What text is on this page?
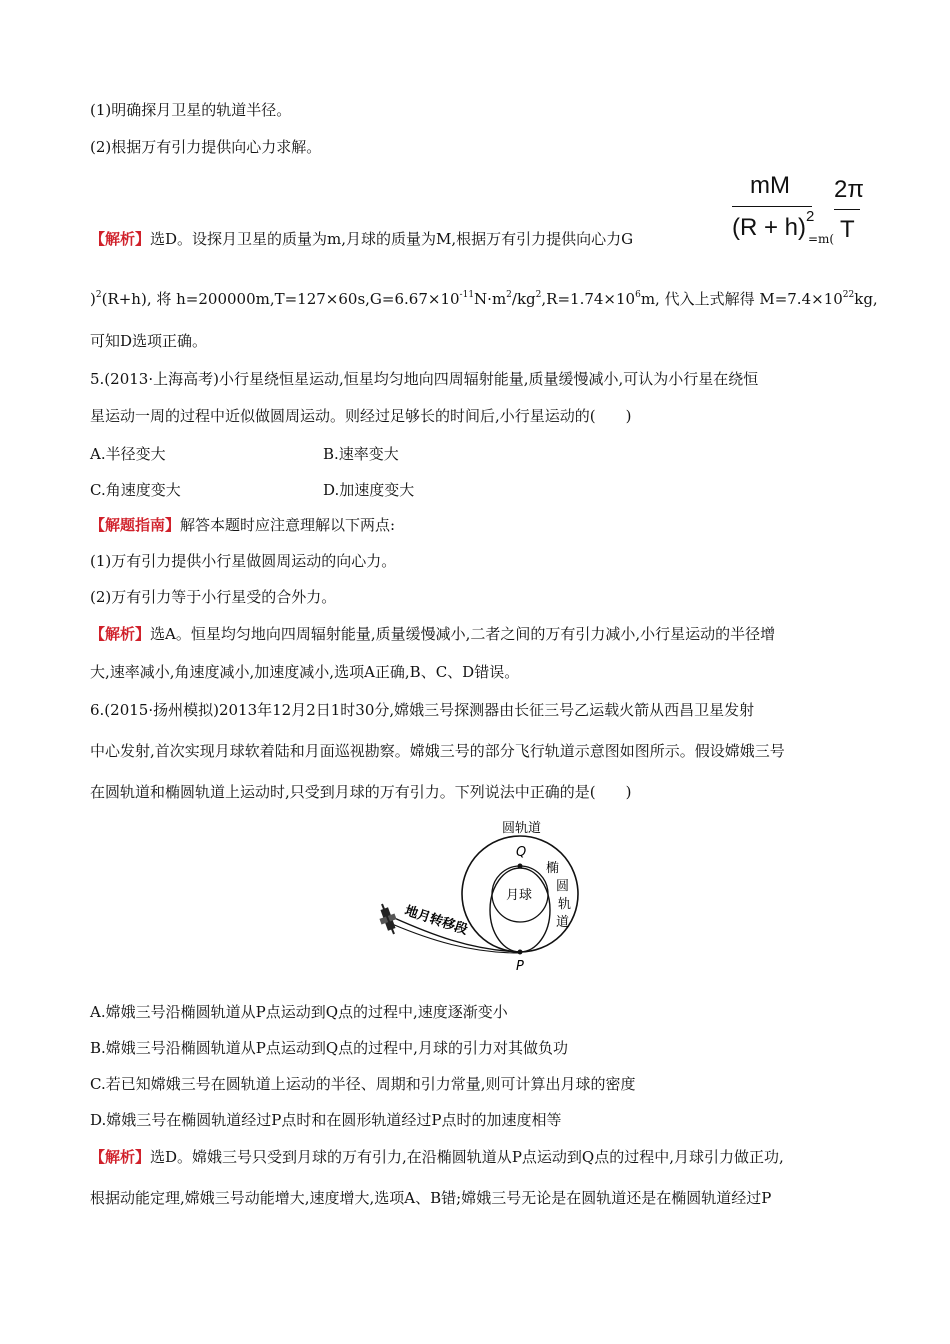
(1)明确探月卫星的轨道半径。
(2)根据万有引力提供向心力求解。
mM
$(R + h)^2$
2π
T
【解析】选D。设探月卫星的质量为m,月球的质量为M,根据万有引力提供向心力G	=m(
)$^2$(R+h), 将 $h=200000m,T=127\times 60s,G=6.67\times 10^{-11}N\cdot m^2/kg^2,R=1.74\times 10^6m$, 代入上式解得 $M=7.4\times 10^{22}kg$,
可知D选项正确。
5.(2013·上海高考)小行星绕恒星运动,恒星均匀地向四周辐射能量,质量缓慢减小,可认为小行星在绕恒
星运动一周的过程中近似做圆周运动。则经过足够长的时间后,小行星运动的(　　)
A.半径变大	B.速率变大
C.角速度变大	D.加速度变大
【解题指南】解答本题时应注意理解以下两点:
(1)万有引力提供小行星做圆周运动的向心力。
(2)万有引力等于小行星受的合外力。
【解析】选A。恒星均匀地向四周辐射能量,质量缓慢减小,二者之间的万有引力减小,小行星运动的半径增
大,速率减小,角速度减小,加速度减小,选项A正确,B、C、D错误。
6.(2015·扬州模拟)2013年12月2日1时30分,嫦娥三号探测器由长征三号乙运载火箭从西昌卫星发射
中心发射,首次实现月球软着陆和月面巡视勘察。嫦娥三号的部分飞行轨道示意图如图所示。假设嫦娥三号
在圆轨道和椭圆轨道上运动时,只受到月球的万有引力。下列说法中正确的是(　　)
圆轨道
Q
月球
椭
圆
轨
道
地月转移段
P
A.嫦娥三号沿椭圆轨道从P点运动到Q点的过程中,速度逐渐变小
B.嫦娥三号沿椭圆轨道从P点运动到Q点的过程中,月球的引力对其做负功
C.若已知嫦娥三号在圆轨道上运动的半径、周期和引力常量,则可计算出月球的密度
D.嫦娥三号在椭圆轨道经过P点时和在圆形轨道经过P点时的加速度相等
【解析】选D。嫦娥三号只受到月球的万有引力,在沿椭圆轨道从P点运动到Q点的过程中,月球引力做正功,
根据动能定理,嫦娥三号动能增大,速度增大,选项A、B错;嫦娥三号无论是在圆轨道还是在椭圆轨道经过P
